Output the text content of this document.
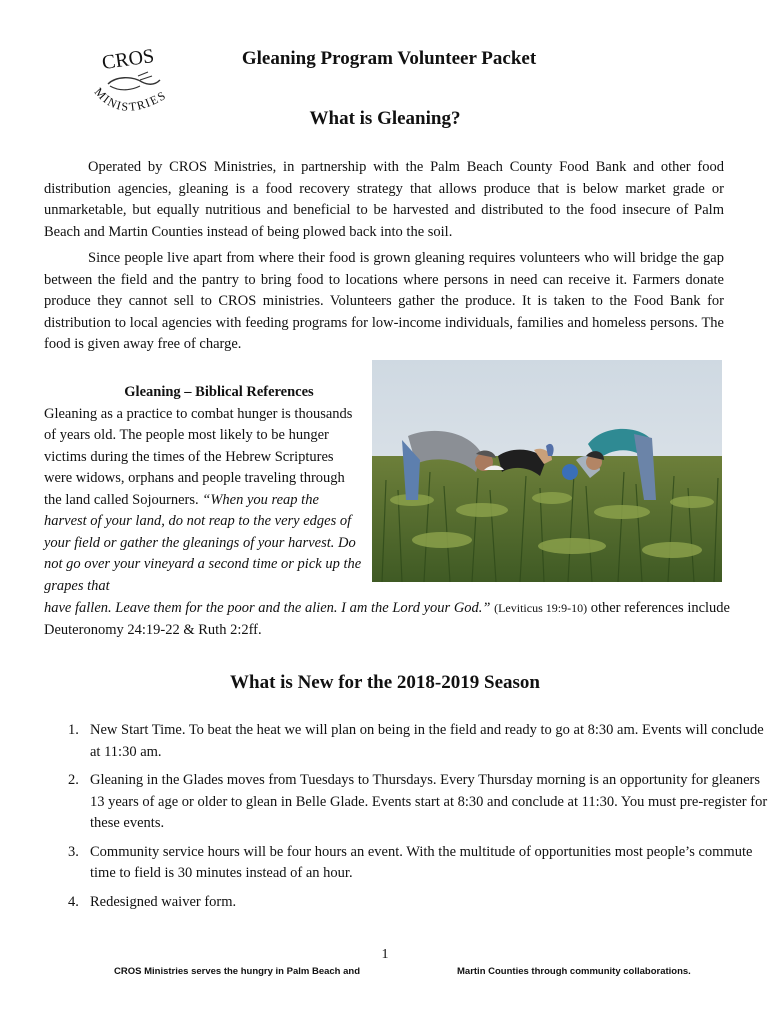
CROS
MINISTRIES
Gleaning Program Volunteer Packet
What is Gleaning?
Operated by CROS Ministries, in partnership with the Palm Beach County Food Bank and other food distribution agencies, gleaning is a food recovery strategy that allows produce that is below market grade or unmarketable, but equally nutritious and beneficial to be harvested and distributed to the food insecure of Palm Beach and Martin Counties instead of being plowed back into the soil.
Since people live apart from where their food is grown gleaning requires volunteers who will bridge the gap between the field and the pantry to bring food to locations where persons in need can receive it. Farmers donate produce they cannot sell to CROS ministries. Volunteers gather the produce. It is taken to the Food Bank for distribution to local agencies with feeding programs for low-income individuals, families and homeless persons. The food is given away free of charge.
Gleaning – Biblical References
Gleaning as a practice to combat hunger is thousands of years old. The people most likely to be hunger victims during the times of the Hebrew Scriptures were widows, orphans and people traveling through the land called Sojourners. “When you reap the harvest of your land, do not reap to the very edges of your field or gather the gleanings of your harvest. Do not go over your vineyard a second time or pick up the grapes that
have fallen. Leave them for the poor and the alien. I am the Lord your God.” (Leviticus 19:9-10) other references include Deuteronomy 24:19-22 & Ruth 2:2ff.
What is New for the 2018-2019 Season
1. New Start Time. To beat the heat we will plan on being in the field and ready to go at 8:30 am. Events will conclude at 11:30 am.
2. Gleaning in the Glades moves from Tuesdays to Thursdays. Every Thursday morning is an opportunity for gleaners 13 years of age or older to glean in Belle Glade. Events start at 8:30 and conclude at 11:30. You must pre-register for these events.
3. Community service hours will be four hours an event. With the multitude of opportunities most people’s commute time to field is 30 minutes instead of an hour.
4. Redesigned waiver form.
1
CROS Ministries serves the hungry in Palm Beach and	Martin Counties through community collaborations.
